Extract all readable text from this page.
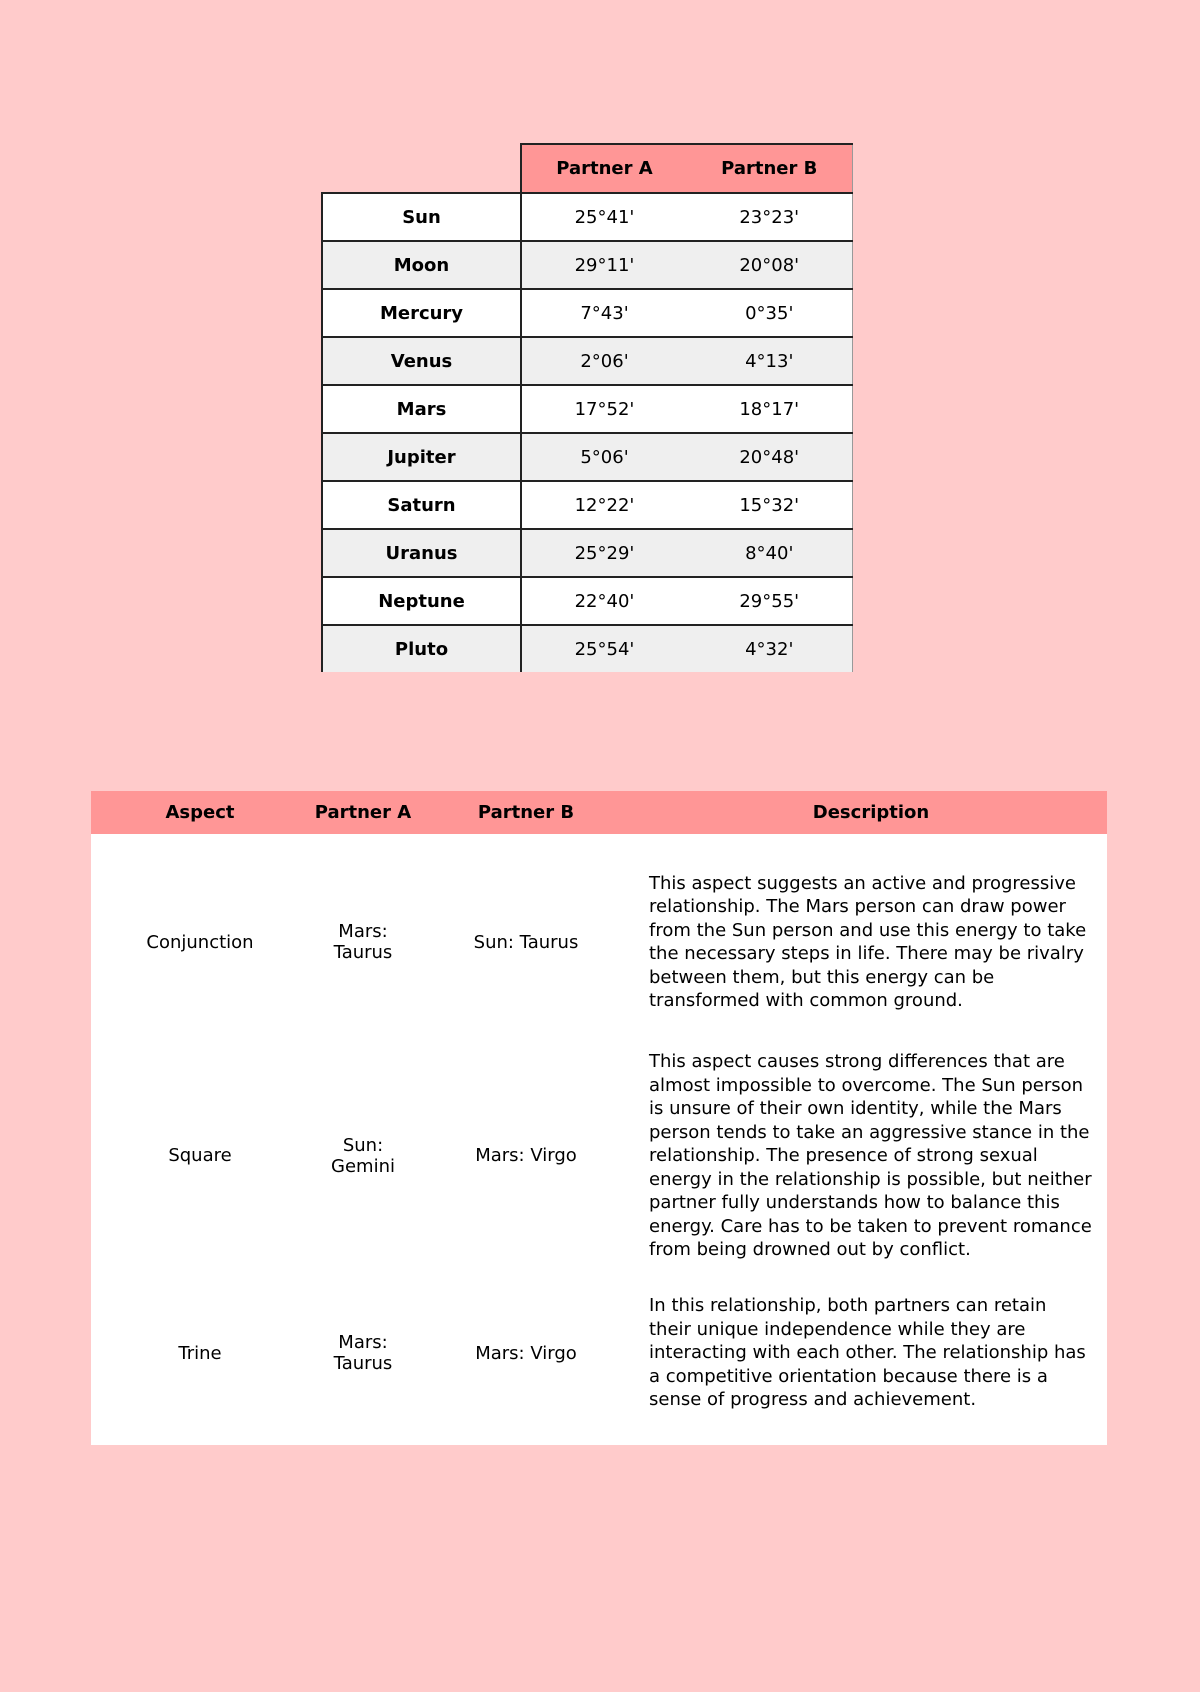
	Partner A	Partner B
Sun	25°41'	23°23'
Moon	29°11'	20°08'
Mercury	7°43'	0°35'
Venus	2°06'	4°13'
Mars	17°52'	18°17'
Jupiter	5°06'	20°48'
Saturn	12°22'	15°32'
Uranus	25°29'	8°40'
Neptune	22°40'	29°55'
Pluto	25°54'	4°32'
Aspect	Partner A	Partner B	Description
Conjunction	Mars: Taurus	Sun: Taurus	This aspect suggests an active and progressive relationship. The Mars person can draw power from the Sun person and use this energy to take the necessary steps in life. There may be rivalry between them, but this energy can be transformed with common ground.
Square	Sun: Gemini	Mars: Virgo	This aspect causes strong differences that are almost impossible to overcome. The Sun person is unsure of their own identity, while the Mars person tends to take an aggressive stance in the relationship. The presence of strong sexual energy in the relationship is possible, but neither partner fully understands how to balance this energy. Care has to be taken to prevent romance from being drowned out by conflict.
Trine	Mars: Taurus	Mars: Virgo	In this relationship, both partners can retain their unique independence while they are interacting with each other. The relationship has a competitive orientation because there is a sense of progress and achievement.
